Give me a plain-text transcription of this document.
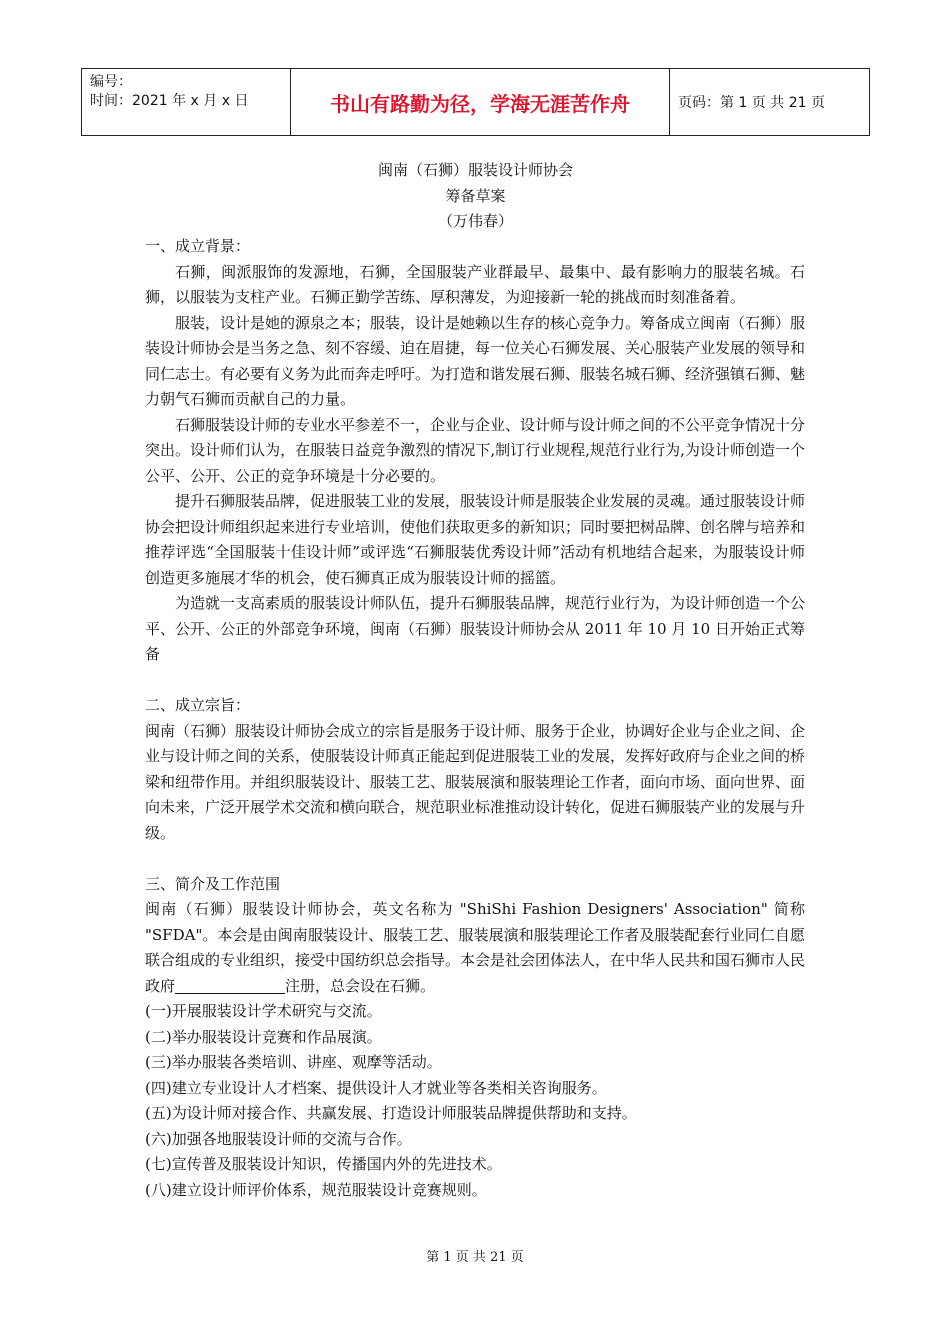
编号：
时间：2021 年 x 月 x 日	书山有路勤为径，学海无涯苦作舟	页码：第 1 页 共 21 页
闽南（石狮）服装设计师协会
筹备草案
（万伟春）

一、成立背景：

石狮，闽派服饰的发源地，石狮，全国服装产业群最早、最集中、最有影响力的服装名城。石狮，以服装为支柱产业。石狮正勤学苦练、厚积薄发，为迎接新一轮的挑战而时刻准备着。

服装，设计是她的源泉之本；服装，设计是她赖以生存的核心竞争力。筹备成立闽南（石狮）服装设计师协会是当务之急、刻不容缓、迫在眉捷，每一位关心石狮发展、关心服装产业发展的领导和同仁志士。有必要有义务为此而奔走呼吁。为打造和谐发展石狮、服装名城石狮、经济强镇石狮、魅力朝气石狮而贡献自己的力量。

石狮服装设计师的专业水平参差不一，企业与企业、设计师与设计师之间的不公平竞争情况十分突出。设计师们认为，在服装日益竞争激烈的情况下,制订行业规程,规范行业行为,为设计师创造一个公平、公开、公正的竞争环境是十分必要的。

提升石狮服装品牌，促进服装工业的发展，服装设计师是服装企业发展的灵魂。通过服装设计师协会把设计师组织起来进行专业培训，使他们获取更多的新知识；同时要把树品牌、创名牌与培养和推荐评选“全国服装十佳设计师”或评选“石狮服装优秀设计师”活动有机地结合起来，为服装设计师创造更多施展才华的机会，使石狮真正成为服装设计师的摇篮。

为造就一支高素质的服装设计师队伍，提升石狮服装品牌，规范行业行为，为设计师创造一个公平、公开、公正的外部竞争环境，闽南（石狮）服装设计师协会从 2011 年 10 月 10 日开始正式筹备

二、成立宗旨：

闽南（石狮）服装设计师协会成立的宗旨是服务于设计师、服务于企业，协调好企业与企业之间、企业与设计师之间的关系，使服装设计师真正能起到促进服装工业的发展，发挥好政府与企业之间的桥梁和纽带作用。并组织服装设计、服装工艺、服装展演和服装理论工作者，面向市场、面向世界、面向未来，广泛开展学术交流和横向联合，规范职业标准推动设计转化，促进石狮服装产业的发展与升级。

三、简介及工作范围

闽南（石狮）服装设计师协会，英文名称为 "ShiShi Fashion Designers' Association" 简称 "SFDA"。本会是由闽南服装设计、服装工艺、服装展演和服装理论工作者及服装配套行业同仁自愿联合组成的专业组织，接受中国纺织总会指导。本会是社会团体法人，在中华人民共和国石狮市人民政府	注册，总会设在石狮。

(一)开展服装设计学术研究与交流。

(二)举办服装设计竞赛和作品展演。

(三)举办服装各类培训、讲座、观摩等活动。

(四)建立专业设计人才档案、提供设计人才就业等各类相关咨询服务。

(五)为设计师对接合作、共赢发展、打造设计师服装品牌提供帮助和支持。

(六)加强各地服装设计师的交流与合作。

(七)宣传普及服装设计知识，传播国内外的先进技术。

(八)建立设计师评价体系，规范服装设计竞赛规则。

第 1 页 共 21 页
